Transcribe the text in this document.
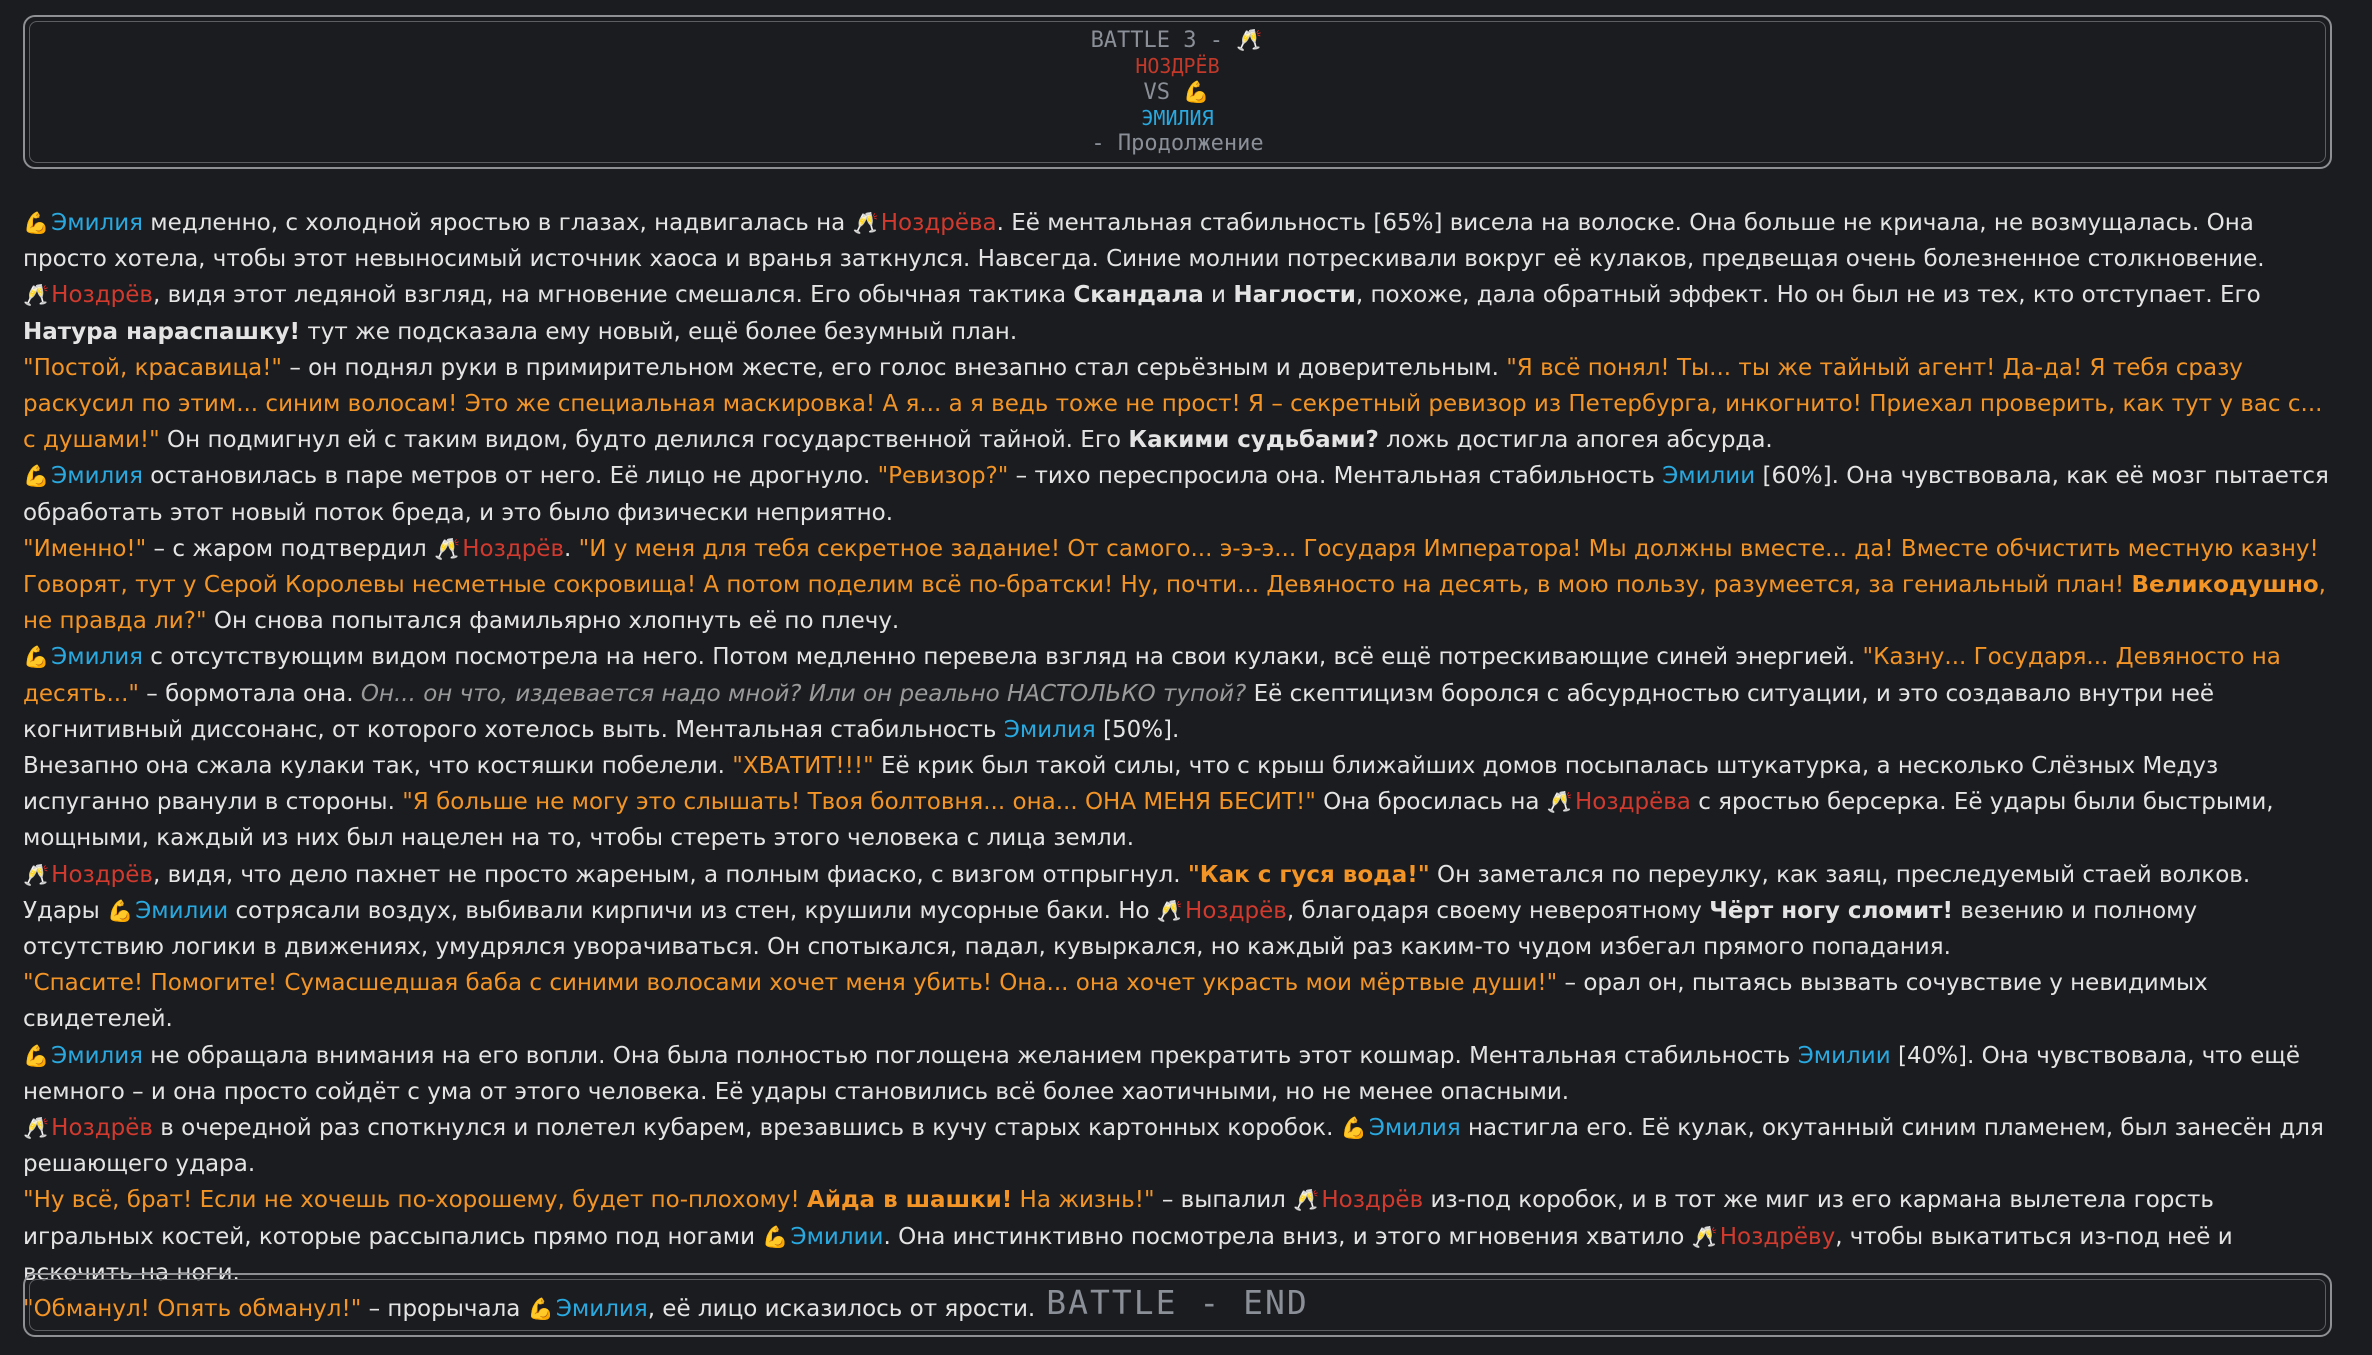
BATTLE 3 - 🥂
НОЗДРЁВ
VS 💪
ЭМИЛИЯ
- Продолжение

💪Эмилия медленно, с холодной яростью в глазах, надвигалась на 🥂Ноздрёва. Её ментальная стабильность [65%] висела на волоске. Она больше не кричала, не возмущалась. Она просто хотела, чтобы этот невыносимый источник хаоса и вранья заткнулся. Навсегда. Синие молнии потрескивали вокруг её кулаков, предвещая очень болезненное столкновение.

🥂Ноздрёв, видя этот ледяной взгляд, на мгновение смешался. Его обычная тактика Скандала и Наглости, похоже, дала обратный эффект. Но он был не из тех, кто отступает. Его Натура нараспашку! тут же подсказала ему новый, ещё более безумный план.

"Постой, красавица!" – он поднял руки в примирительном жесте, его голос внезапно стал серьёзным и доверительным. "Я всё понял! Ты... ты же тайный агент! Да-да! Я тебя сразу раскусил по этим... синим волосам! Это же специальная маскировка! А я... а я ведь тоже не прост! Я – секретный ревизор из Петербурга, инкогнито! Приехал проверить, как тут у вас с... с душами!" Он подмигнул ей с таким видом, будто делился государственной тайной. Его Какими судьбами? ложь достигла апогея абсурда.

💪Эмилия остановилась в паре метров от него. Её лицо не дрогнуло. "Ревизор?" – тихо переспросила она. Ментальная стабильность Эмилии [60%]. Она чувствовала, как её мозг пытается обработать этот новый поток бреда, и это было физически неприятно.

"Именно!" – с жаром подтвердил 🥂Ноздрёв. "И у меня для тебя секретное задание! От самого... э-э-э... Государя Императора! Мы должны вместе... да! Вместе обчистить местную казну! Говорят, тут у Серой Королевы несметные сокровища! А потом поделим всё по-братски! Ну, почти... Девяносто на десять, в мою пользу, разумеется, за гениальный план! Великодушно, не правда ли?" Он снова попытался фамильярно хлопнуть её по плечу.

💪Эмилия с отсутствующим видом посмотрела на него. Потом медленно перевела взгляд на свои кулаки, всё ещё потрескивающие синей энергией. "Казну... Государя... Девяносто на десять..." – бормотала она. Он... он что, издевается надо мной? Или он реально НАСТОЛЬКО тупой? Её скептицизм боролся с абсурдностью ситуации, и это создавало внутри неё когнитивный диссонанс, от которого хотелось выть. Ментальная стабильность Эмилия [50%].

Внезапно она сжала кулаки так, что костяшки побелели. "ХВАТИТ!!!" Её крик был такой силы, что с крыш ближайших домов посыпалась штукатурка, а несколько Слёзных Медуз испуганно рванули в стороны. "Я больше не могу это слышать! Твоя болтовня... она... ОНА МЕНЯ БЕСИТ!" Она бросилась на 🥂Ноздрёва с яростью берсерка. Её удары были быстрыми, мощными, каждый из них был нацелен на то, чтобы стереть этого человека с лица земли.

🥂Ноздрёв, видя, что дело пахнет не просто жареным, а полным фиаско, с визгом отпрыгнул. "Как с гуся вода!" Он заметался по переулку, как заяц, преследуемый стаей волков. Удары 💪Эмилии сотрясали воздух, выбивали кирпичи из стен, крушили мусорные баки. Но 🥂Ноздрёв, благодаря своему невероятному Чёрт ногу сломит! везению и полному отсутствию логики в движениях, умудрялся уворачиваться. Он спотыкался, падал, кувыркался, но каждый раз каким-то чудом избегал прямого попадания.

"Спасите! Помогите! Сумасшедшая баба с синими волосами хочет меня убить! Она... она хочет украсть мои мёртвые души!" – орал он, пытаясь вызвать сочувствие у невидимых свидетелей.

💪Эмилия не обращала внимания на его вопли. Она была полностью поглощена желанием прекратить этот кошмар. Ментальная стабильность Эмилии [40%]. Она чувствовала, что ещё немного – и она просто сойдёт с ума от этого человека. Её удары становились всё более хаотичными, но не менее опасными.

🥂Ноздрёв в очередной раз споткнулся и полетел кубарем, врезавшись в кучу старых картонных коробок. 💪Эмилия настигла его. Её кулак, окутанный синим пламенем, был занесён для решающего удара.

"Ну всё, брат! Если не хочешь по-хорошему, будет по-плохому! Айда в шашки! На жизнь!" – выпалил 🥂Ноздрёв из-под коробок, и в тот же миг из его кармана вылетела горсть игральных костей, которые рассыпались прямо под ногами 💪Эмилии. Она инстинктивно посмотрела вниз, и этого мгновения хватило 🥂Ноздрёву, чтобы выкатиться из-под неё и вскочить на ноги.

"Обманул! Опять обманул!" – прорычала 💪Эмилия, её лицо исказилось от ярости. BATTLE - END
